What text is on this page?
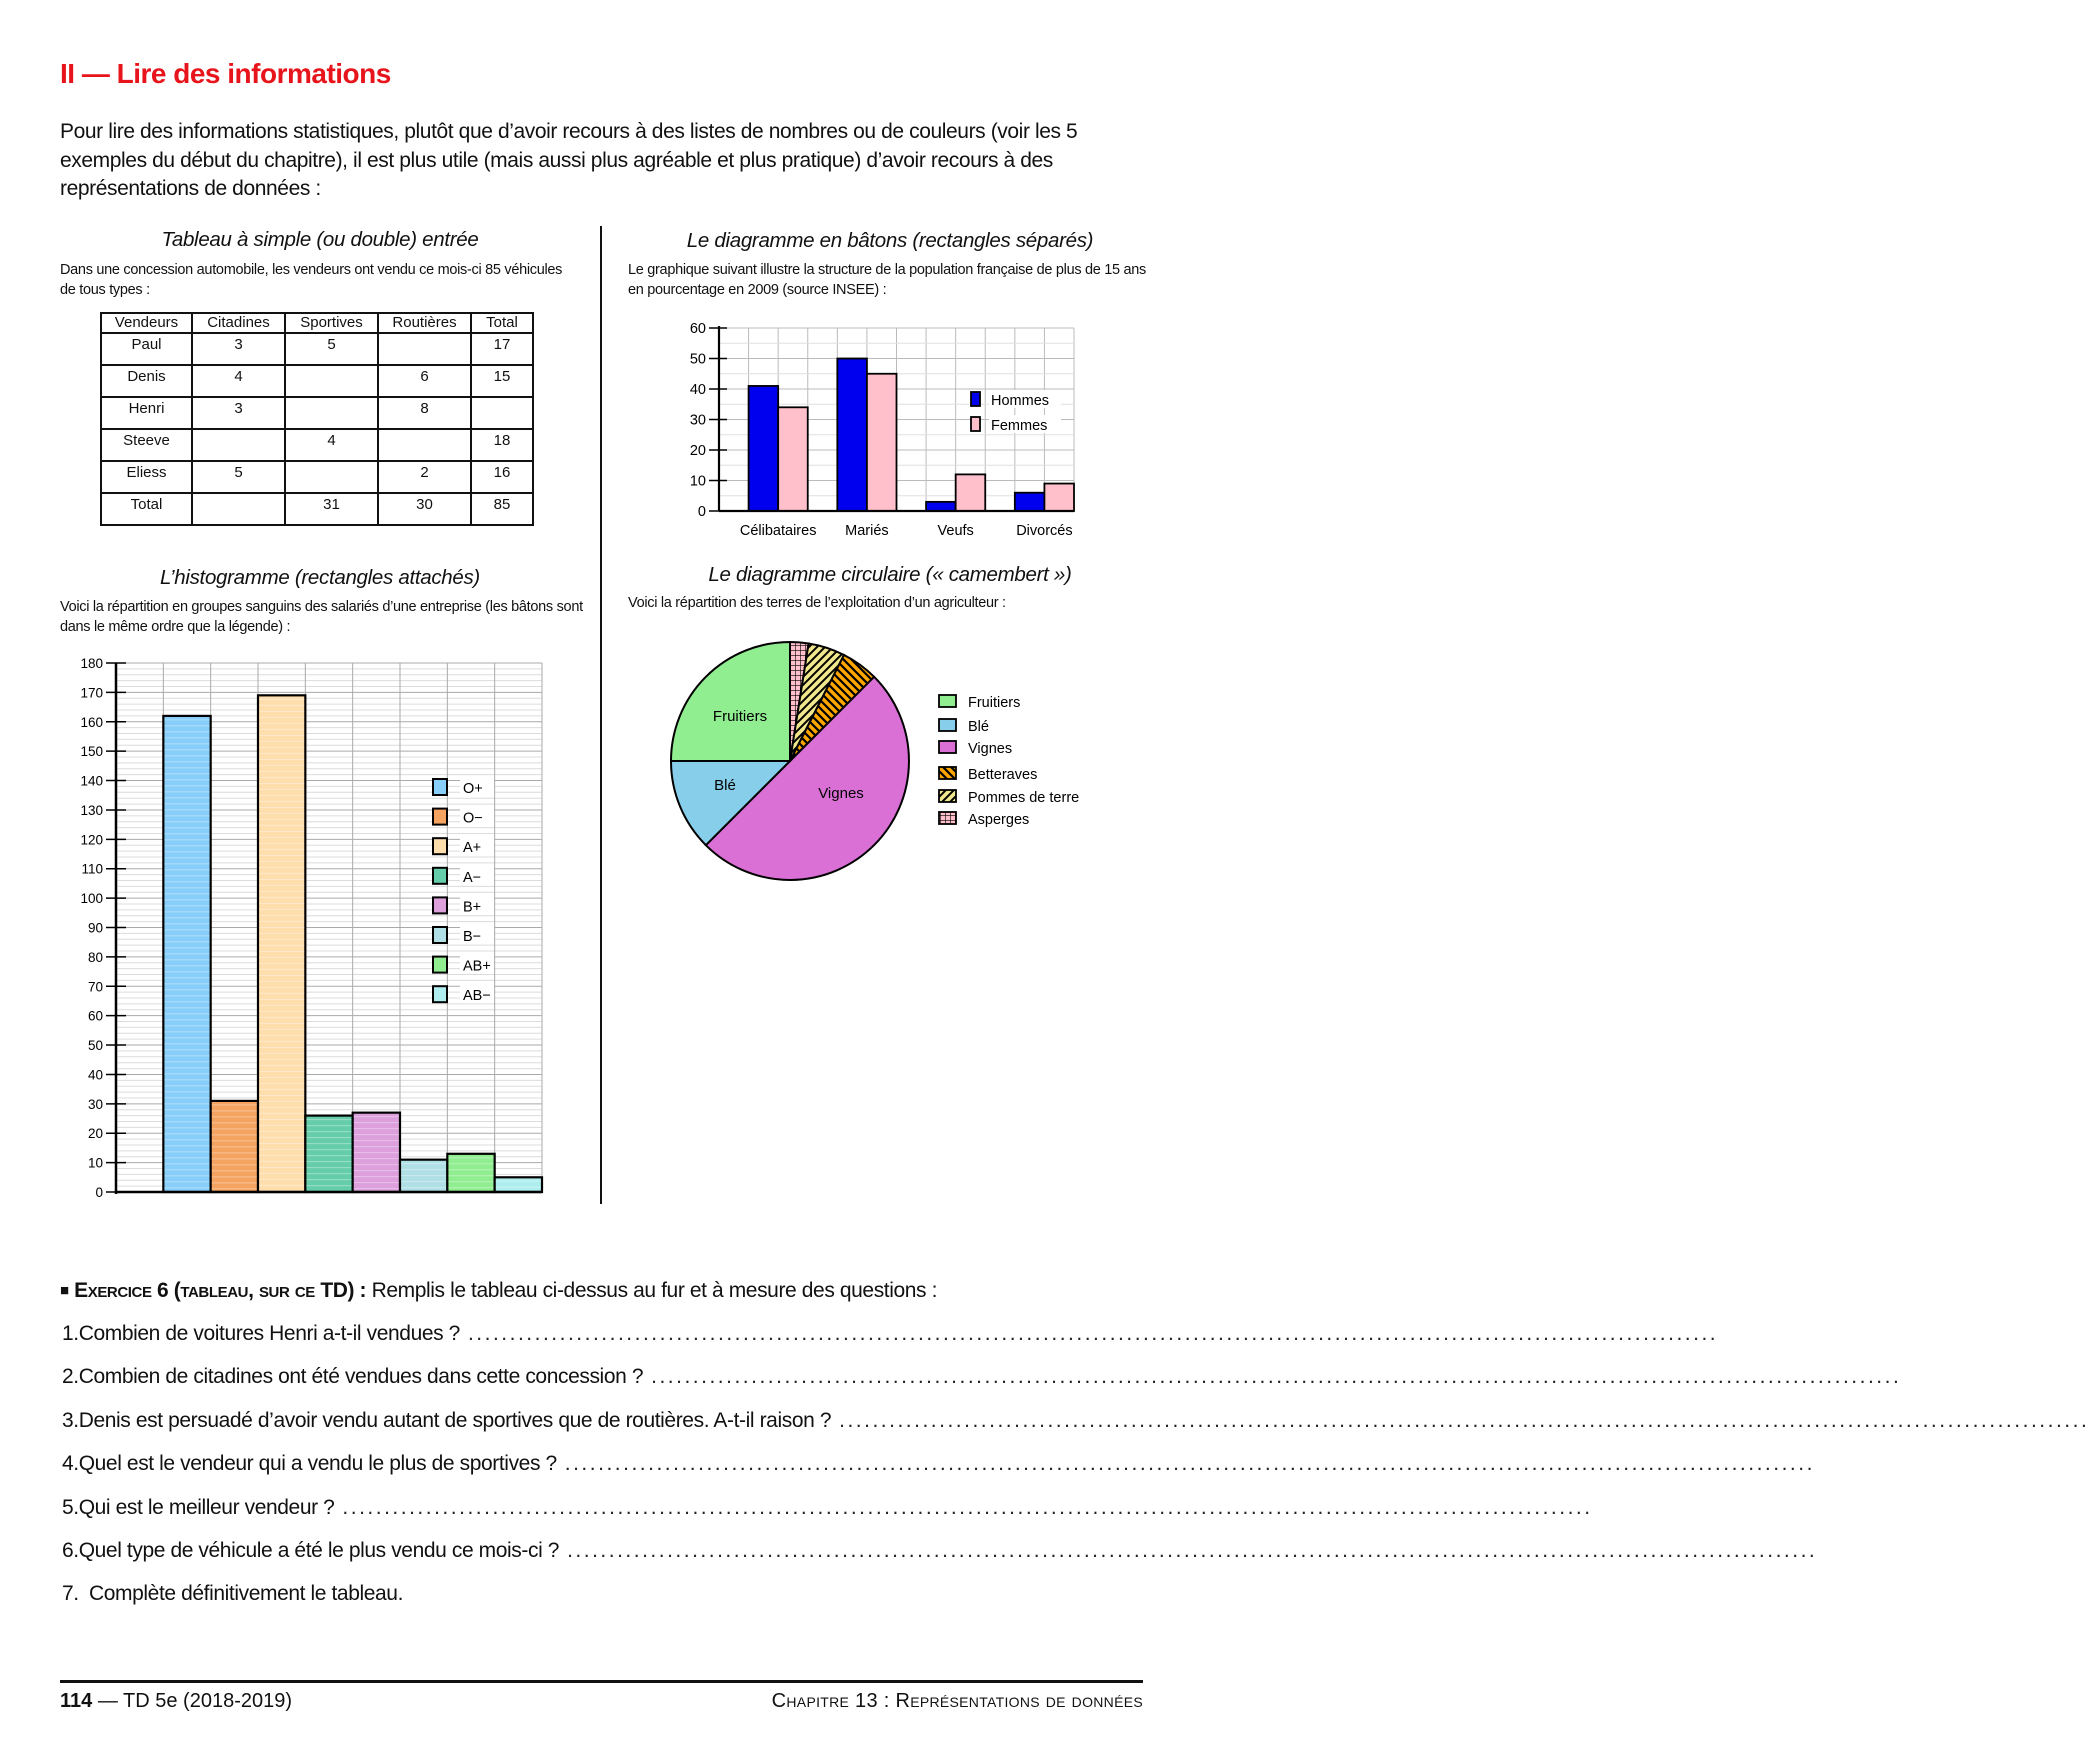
II — Lire des informations
Pour lire des informations statistiques, plutôt que d’avoir recours à des listes de nombres ou de couleurs (voir les 5 exemples du début du chapitre), il est plus utile (mais aussi plus agréable et plus pratique) d’avoir recours à des représentations de données :
Tableau à simple (ou double) entrée
Dans une concession automobile, les vendeurs ont vendu ce mois-ci 85 véhicules de tous types :
Vendeurs	Citadines	Sportives	Routières	Total
Paul	3	5		17
Denis	4		6	15
Henri	3		8	
Steeve		4		18
Eliess	5		2	16
Total		31	30	85
Le diagramme en bâtons (rectangles séparés)
Le graphique suivant illustre la structure de la population française de plus de 15 ans en pourcentage en 2009 (source INSEE) :
Célibataires Mariés	Veufs	Divorcés
0
10
20
30
40
50
60
Hommes
Femmes
0
10
20
30
40
50
60
70
80
90
100
110
120
130
140
150
160
170
180
O+
O−
A+
A−
B+
B−
AB+
AB−
Fruitiers
Blé	Vignes
Fruitiers
Blé
Vignes
Betteraves
Pommes de terre
Asperges
L’histogramme (rectangles attachés)
Voici la répartition en groupes sanguins des salariés d’une entreprise (les bâtons sont dans le même ordre que la légende) :
Le diagramme circulaire (« camembert »)
Voici la répartition des terres de l’exploitation d’un agriculteur :
■ Exercice 6 (tableau, sur ce TD) : Remplis le tableau ci-dessus au fur et à mesure des questions :
1. Combien de voitures Henri a-t-il vendues ? ......................................................................................................................................................
2. Combien de citadines ont été vendues dans cette concession ? ......................................................................................................................................................
3. Denis est persuadé d’avoir vendu autant de sportives que de routières. A-t-il raison ? ......................................................................................................................................................
4. Quel est le vendeur qui a vendu le plus de sportives ? ......................................................................................................................................................
5. Qui est le meilleur vendeur ? ......................................................................................................................................................
6. Quel type de véhicule a été le plus vendu ce mois-ci ? ......................................................................................................................................................
7. Complète définitivement le tableau.
114 — TD 5e (2018-2019)	Chapitre 13 : Représentations de données
